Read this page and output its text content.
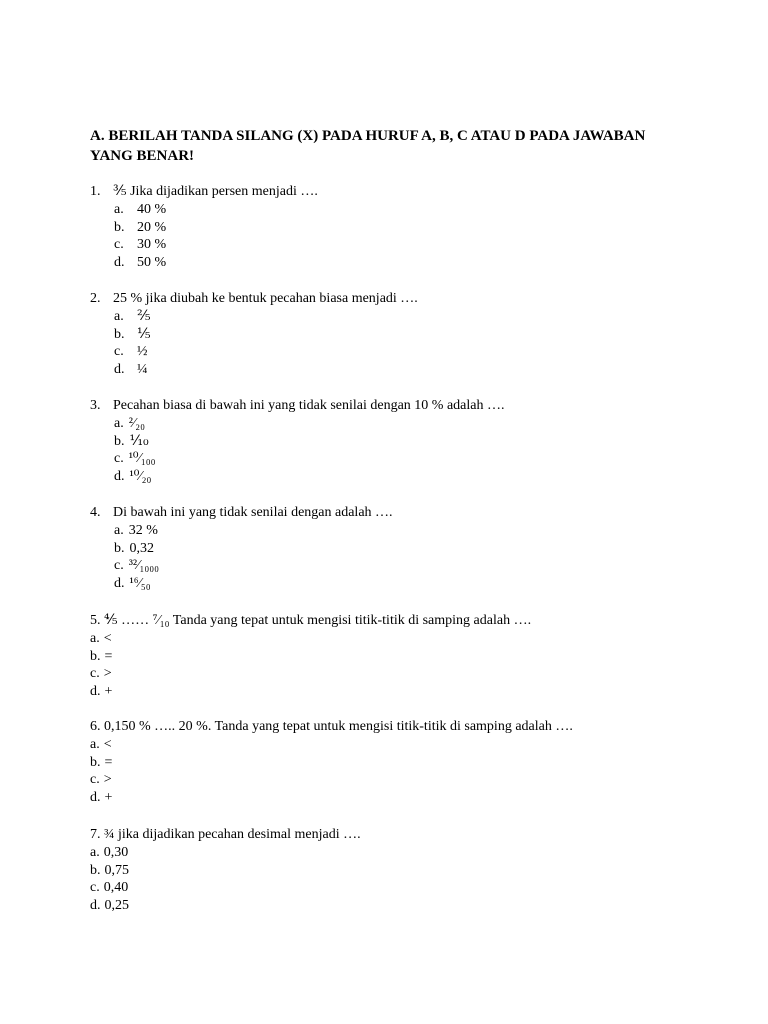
A. BERILAH TANDA SILANG (X) PADA HURUF A, B, C ATAU D PADA JAWABAN YANG BENAR!

1. ⅗ Jika dijadikan persen menjadi ….
a. 40 %
b. 20 %
c. 30 %
d. 50 %
2. 25 % jika diubah ke bentuk pecahan biasa menjadi ….
a. ⅖
b. ⅕
c. ½
d. ¼
3. Pecahan biasa di bawah ini yang tidak senilai dengan 10 % adalah ….
a. ²⁄₂₀
b. ⅒
c. ¹⁰⁄₁₀₀
d. ¹⁰⁄₂₀
4. Di bawah ini yang tidak senilai dengan adalah ….
a. 32 %
b. 0,32
c. ³²⁄₁₀₀₀
d. ¹⁶⁄₅₀
5. ⅘ …… ⁷⁄₁₀ Tanda yang tepat untuk mengisi titik-titik di samping adalah ….
a. <
b. =
c. >
d. +
6. 0,150 % ….. 20 %. Tanda yang tepat untuk mengisi titik-titik di samping adalah ….
a. <
b. =
c. >
d. +
7. ¾ jika dijadikan pecahan desimal menjadi ….
a. 0,30
b. 0,75
c. 0,40
d. 0,25
